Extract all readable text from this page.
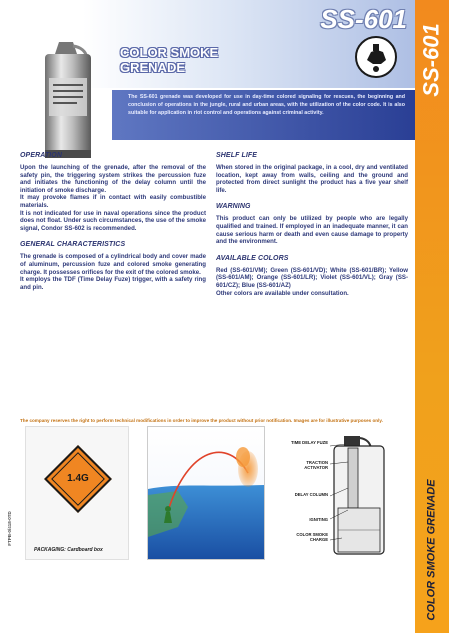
SS-601
COLOR SMOKE GRENADE
SS-601
COLOR SMOKE GRENADE

The SS-601 grenade was developed for use in day-time colored signaling for rescues, the beginning and conclusion of operations in the jungle, rural and urban areas, with the utilization of the color code. It is also suitable for application in riot control and operations against criminal activity.

OPERATION

Upon the launching of the grenade, after the removal of the safety pin, the triggering system strikes the percussion fuze and initiates the functioning of the delay column until the initiation of smoke discharge.

It may provoke flames if in contact with easily combustible materials.

It is not indicated for use in naval operations since the product does not float. Under such circumstances, the use of the smoke signal, Condor SS-602 is recommended.

GENERAL CHARACTERISTICS

The grenade is composed of a cylindrical body and cover made of aluminum, percussion fuze and colored smoke generating charge. It possesses orifices for the exit of the colored smoke.

It employs the TDF (Time Delay Fuze) trigger, with a safety ring and pin.

SHELF LIFE

When stored in the original package, in a cool, dry and ventilated location, kept away from walls, ceiling and the ground and protected from direct sunlight the product has a five year shelf life.

WARNING

This product can only be utilized by people who are legally qualified and trained. If employed in an inadequate manner, it can cause serious harm or death and even cause damage to property and the environment.

AVAILABLE COLORS

Red (SS-601/VM); Green (SS-601/VD); White (SS-601/BR); Yellow (SS-601/AM); Orange (SS-601/LR); Violet (SS-601/VL); Gray (SS-601/CZ); Blue (SS-601/AZ)

Other colors are available under consultation.

The company reserves the right to perform technical modifications in order to improve the product without prior notification. Images are for illustrative purposes only.
1.4G
PACKAGING: Cardboard box
TIME DELAY FUZE
TRACTION ACTIVATOR
DELAY COLUMN
IGNITING
COLOR SMOKE CHARGE
FTPB-0/418-0TD
